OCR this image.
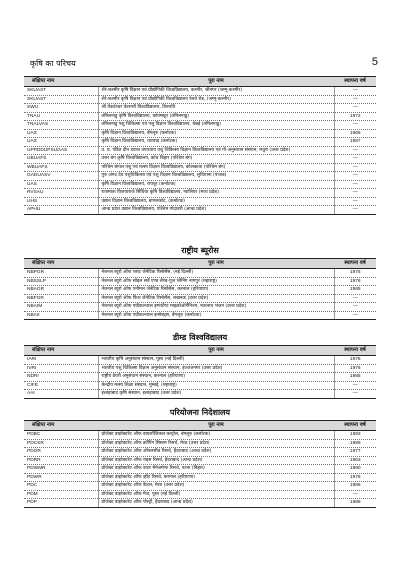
कृषि का परिचय	5
संक्षिप्त नाम	पूरा नाम	स्थापना वर्ष
SKUAST	शेरे-कश्मीर कृषि विज्ञान एवं प्रौद्योगिकी विश्वविद्यालय, कश्मीर, श्रीनगर (जम्मू-कश्मीर)	—
SKUAST	शेरे-कश्मीर कृषि विज्ञान एवं प्रौद्योगिकी विश्वविद्यालय रेलवे रोड, (जम्मू-कश्मीर)	—
SWU	श्री वेंकटेश्वर वेटरनरी विश्वविद्यालय, तिरुपति	—
TNAU	तमिलनाडु कृषि विश्वविद्यालय, कोयम्बटूर (तमिलनाडु)	1972
TNALVAS	तमिलनाडु पशु चिकित्सा एवं पशु विज्ञान विश्वविद्यालय, चेन्नई (तमिलनाडु)	—
UAS	कृषि विज्ञान विश्वविद्यालय, बेंगलूरु (कर्नाटक)	1965
UAS	कृषि विज्ञान विश्वविद्यालय, धारवाड़ (कर्नाटक)	1987
UPPDDUPSUGAS	उ. प्र. पंडित दीन दयाल उपाध्याय पशु चिकित्सा विज्ञान विश्वविद्यालय एवं गौ-अनुसंधान संस्थान, मथुरा (उत्तर प्रदेश)	—
UBUAFS	उत्तर बंग कृषि विश्वविद्यालय, कोच बिहार (पश्चिम बंग)	—
WBUAFS	पश्चिम बंगाल पशु एवं मत्स्य विज्ञान विश्वविद्यालय, कोलकाता (पश्चिम बंग)	—
GADUASV	गुरु अंगद देव पशुचिकित्सा एवं पशु विज्ञान विश्वविद्यालय, लुधियाना (पंजाब)	—
UAS	कृषि विज्ञान विश्वविद्यालय, रायचूर (कर्नाटक)	—
RVSAU	राजमाता विजयाराजे सिंधिया कृषि विश्वविद्यालय, ग्वालियर (मध्य प्रदेश)	—
UHS	उद्यान विज्ञान विश्वविद्यालय, बागलकोट, (कर्नाटक)	—
APHU	आन्ध्र प्रदेश उद्यान विश्वविद्यालय, पश्चिम गोदावरी (आन्ध्र प्रदेश)	—
राष्ट्रीय ब्यूरोस
संक्षिप्त नाम	पूरा नाम	स्थापना वर्ष
NBPGR	नेशनल ब्यूरो ऑफ प्लांट जेनेटिक रिसोर्सेस, (नई दिल्ली)	1976
NBSSLP	नेशनल ब्यूरो ऑफ सोइल सर्वे एण्ड लैण्ड-यूज प्लैनिंग नागपुर (महाराष्ट्र)	1976
NBAGR	नेशनल ब्यूरो ऑफ एनीमल जेनेटिक रिसोर्सेस, करनाल (हरियाणा)	1985
NBFGR	नेशनल ब्यूरो ऑफ फिश जेनेटिक रिसोर्सेस, लखनऊ (उत्तर प्रदेश)	—
NBAIM	नेशनल ब्यूरो ऑफ एग्रीकल्चरल इम्पार्टेण्ट माइक्रोऑर्गेनिज्म, मऊनाथ भंजन (उत्तर प्रदेश)	—
NBAII	नेशनल ब्यूरो ऑफ एग्रीकल्चरल इन्सेक्ट्स, बेंगलूरु (कर्नाटक)	—
डीम्ड विश्वविद्यालय
संक्षिप्त नाम	पूरा नाम	स्थापना वर्ष
IARI	भारतीय कृषि अनुसंधान संस्थान, पूसा (नई दिल्ली)	1976
IVRI	भारतीय पशु चिकित्सा विज्ञान अनुसंधान संस्थान, इज्जतनगर (उत्तर प्रदेश)	1976
NDRI	राष्ट्रीय डेयरी अनुसंधान संस्थान, करनाल (हरियाणा)	1985
CIFE	केन्द्रीय मत्स्य शिक्षा संस्थान, मुम्बई, (महाराष्ट्र)	—
AAI	इलाहाबाद कृषि संस्थान, इलाहाबाद (उत्तर प्रदेश)	—
परियोजना निदेशालय
संक्षिप्त नाम	पूरा नाम	स्थापना वर्ष
PDBC	प्रोजेक्ट डाइरेक्टरेट ऑफ बायलॉजिकल कन्ट्रोल, बंगलूरु (कर्नाटक)	1993
PDCSR	प्रोजेक्ट डाइरेक्टरेट ऑफ क्रॉपिंग सिस्टम रिसर्च, मेरठ (उत्तर प्रदेश)	1989
PDOR	प्रोजेक्ट डाइरेक्टरेट ऑफ ऑयलसीड रिसर्च, हैदराबाद (आन्ध्र प्रदेश)	1977
PDRR	प्रोजेक्ट डाइरेक्टरेट ऑफ राइस रिसर्च, हैदराबाद (आन्ध्र प्रदेश)	1963
PDWMR	प्रोजेक्ट डाइरेक्टरेट ऑफ वाटर मैनेजमेण्ट रिसर्च, पटना (बिहार)	1990
PDWR	प्रोजेक्ट डाइरेक्टरेट ऑफ व्हीट रिसर्च, करनाल (हरियाणा)	1978
PDC	प्रोजेक्ट डाइरेक्टरेट ऑफ कैटल, मेरठ (उत्तर प्रदेश)	1986
PDM	प्रोजेक्ट डाइरेक्टरेट ऑफ मैज, पूसा (नई दिल्ली)	—
PDP	प्रोजेक्ट डाइरेक्टरेट ऑफ पोल्ट्री, हैदराबाद (आन्ध्र प्रदेश)	1988
